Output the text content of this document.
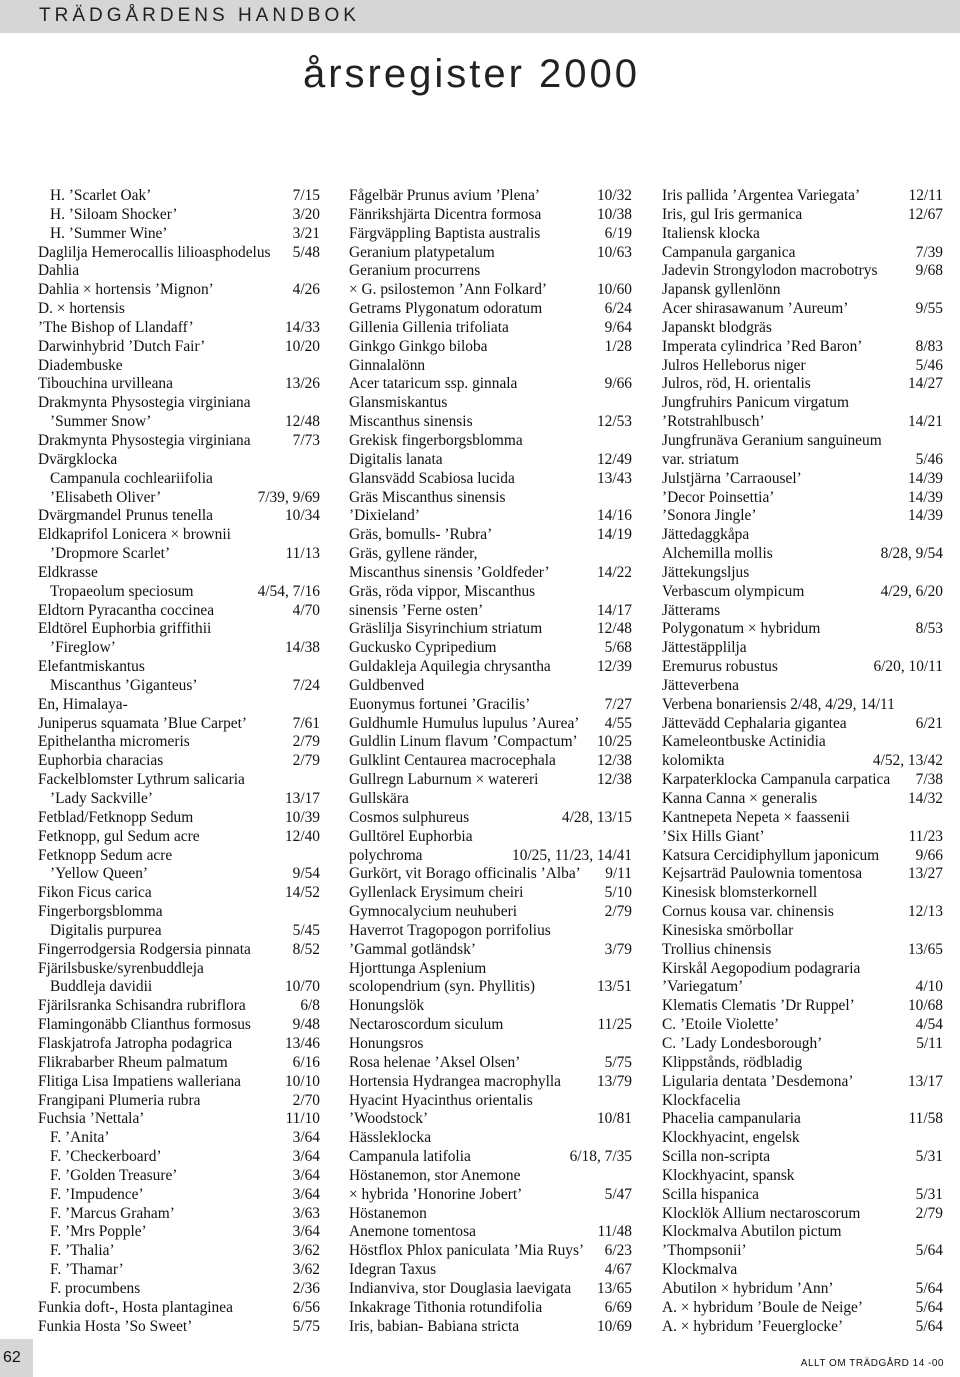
TRÄDGÅRDENS HANDBOK
årsregister 2000
H. ’Scarlet Oak’	7/15
H. ’Siloam Shocker’	3/20
H. ’Summer Wine’	3/21
Daglilja Hemerocallis lilioasphodelus 5/48
Dahlia
Dahlia × hortensis ’Mignon’	4/26
D. × hortensis
’The Bishop of Llandaff’	14/33
Darwinhybrid ’Dutch Fair’	10/20
Diadembuske
Tibouchina urvilleana	13/26
Drakmynta Physostegia virginiana
’Summer Snow’	12/48
Drakmynta Physostegia virginiana	7/73
Dvärgklocka
Campanula cochleariifolia
’Elisabeth Oliver’	7/39, 9/69
Dvärgmandel Prunus tenella	10/34
Eldkaprifol Lonicera × brownii
’Dropmore Scarlet’	11/13
Eldkrasse
Tropaeolum speciosum	4/54, 7/16
Eldtorn Pyracantha coccinea	4/70
Eldtörel Euphorbia griffithii
’Fireglow’	14/38
Elefantmiskantus
Miscanthus ’Giganteus’	7/24
En, Himalaya-
Juniperus squamata ’Blue Carpet’	7/61
Epithelantha micromeris	2/79
Euphorbia characias	2/79
Fackelblomster Lythrum salicaria
’Lady Sackville’	13/17
Fetblad/Fetknopp Sedum	10/39
Fetknopp, gul Sedum acre	12/40
Fetknopp Sedum acre
’Yellow Queen’	9/54
Fikon Ficus carica	14/52
Fingerborgsblomma
Digitalis purpurea	5/45
Fingerrodgersia Rodgersia pinnata	8/52
Fjärilsbuske/syrenbuddleja
Buddleja davidii	10/70
Fjärilsranka Schisandra rubriflora	6/8
Flamingonäbb Clianthus formosus	9/48
Flaskjatrofa Jatropha podagrica	13/46
Flikrabarber Rheum palmatum	6/16
Flitiga Lisa Impatiens walleriana	10/10
Frangipani Plumeria rubra	2/70
Fuchsia ’Nettala’	11/10
F. ’Anita’	3/64
F. ’Checkerboard’	3/64
F. ’Golden Treasure’	3/64
F. ’Impudence’	3/64
F. ’Marcus Graham’	3/63
F. ’Mrs Popple’	3/64
F. ’Thalia’	3/62
F. ’Thamar’	3/62
F. procumbens	2/36
Funkia doft-, Hosta plantaginea	6/56
Funkia Hosta ’So Sweet’	5/75
Fågelbär Prunus avium ’Plena’	10/32
Fänrikshjärta Dicentra formosa	10/38
Färgväppling Baptista australis	6/19
Geranium platypetalum	10/63
Geranium procurrens
× G. psilostemon ’Ann Folkard’	10/60
Getrams Plygonatum odoratum	6/24
Gillenia Gillenia trifoliata	9/64
Ginkgo Ginkgo biloba	1/28
Ginnalalönn
Acer tataricum ssp. ginnala	9/66
Glansmiskantus
Miscanthus sinensis	12/53
Grekisk fingerborgsblomma
Digitalis lanata	12/49
Glansvädd Scabiosa lucida	13/43
Gräs Miscanthus sinensis
’Dixieland’	14/16
Gräs, bomulls- ’Rubra’	14/19
Gräs, gyllene ränder,
Miscanthus sinensis ’Goldfeder’	14/22
Gräs, röda vippor, Miscanthus
sinensis ’Ferne osten’	14/17
Gräslilja Sisyrinchium striatum	12/48
Guckusko Cypripedium	5/68
Guldakleja Aquilegia chrysantha	12/39
Guldbenved
Euonymus fortunei ’Gracilis’	7/27
Guldhumle Humulus lupulus ’Aurea’ 4/55
Guldlin Linum flavum ’Compactum’ 10/25
Gulklint Centaurea macrocephala	12/38
Gullregn Laburnum × watereri	12/38
Gullskära
Cosmos sulphureus	4/28, 13/15
Gulltörel Euphorbia
polychroma	10/25, 11/23, 14/41
Gurkört, vit Borago officinalis ’Alba’ 9/11
Gyllenlack Erysimum cheiri	5/10
Gymnocalycium neuhuberi	2/79
Haverrot Tragopogon porrifolius
’Gammal gotländsk’	3/79
Hjorttunga Asplenium
scolopendrium (syn. Phyllitis)	13/51
Honungslök
Nectaroscordum siculum	11/25
Honungsros
Rosa helenae ’Aksel Olsen’	5/75
Hortensia Hydrangea macrophylla 13/79
Hyacint Hyacinthus orientalis
’Woodstock’	10/81
Hässleklocka
Campanula latifolia	6/18, 7/35
Höstanemon, stor Anemone
× hybrida ’Honorine Jobert’	5/47
Höstanemon
Anemone tomentosa	11/48
Höstflox Phlox paniculata ’Mia Ruys’ 6/23
Idegran Taxus	4/67
Indianviva, stor Douglasia laevigata 13/65
Inkakrage Tithonia rotundifolia	6/69
Iris, babian- Babiana stricta	10/69
Iris pallida ’Argentea Variegata’	12/11
Iris, gul Iris germanica	12/67
Italiensk klocka
Campanula garganica	7/39
Jadevin Strongylodon macrobotrys 9/68
Japansk gyllenlönn
Acer shirasawanum ’Aureum’	9/55
Japanskt blodgräs
Imperata cylindrica ’Red Baron’	8/83
Julros Helleborus niger	5/46
Julros, röd, H. orientalis	14/27
Jungfruhirs Panicum virgatum
’Rotstrahlbusch’	14/21
Jungfrunäva Geranium sanguineum
var. striatum	5/46
Julstjärna ’Carraousel’	14/39
’Decor Poinsettia’	14/39
’Sonora Jingle’	14/39
Jättedaggkåpa
Alchemilla mollis	8/28, 9/54
Jättekungsljus
Verbascum olympicum	4/29, 6/20
Jätterams
Polygonatum × hybridum	8/53
Jättestäpplilja
Eremurus robustus	6/20, 10/11
Jätteverbena
Verbena bonariensis 2/48, 4/29, 14/11
Jättevädd Cephalaria gigantea	6/21
Kameleontbuske Actinidia
kolomikta	4/52, 13/42
Karpaterklocka Campanula carpatica 7/38
Kanna Canna × generalis	14/32
Kantnepeta Nepeta × faassenii
’Six Hills Giant’	11/23
Katsura Cercidiphyllum japonicum 9/66
Kejsarträd Paulownia tomentosa	13/27
Kinesisk blomsterkornell
Cornus kousa var. chinensis	12/13
Kinesiska smörbollar
Trollius chinensis	13/65
Kirskål Aegopodium podagraria
’Variegatum’	4/10
Klematis Clematis ’Dr Ruppel’	10/68
C. ’Etoile Violette’	4/54
C. ’Lady Londesborough’	5/11
Klippstånds, rödbladig
Ligularia dentata ’Desdemona’	13/17
Klockfacelia
Phacelia campanularia	11/58
Klockhyacint, engelsk
Scilla non-scripta	5/31
Klockhyacint, spansk
Scilla hispanica	5/31
Klocklök Allium nectaroscorum	2/79
Klockmalva Abutilon pictum
’Thompsonii’	5/64
Klockmalva
Abutilon × hybridum ’Ann’	5/64
A. × hybridum ’Boule de Neige’	5/64
A. × hybridum ’Feuerglocke’	5/64
62	ALLT OM TRÄDGÅRD 14 -00
